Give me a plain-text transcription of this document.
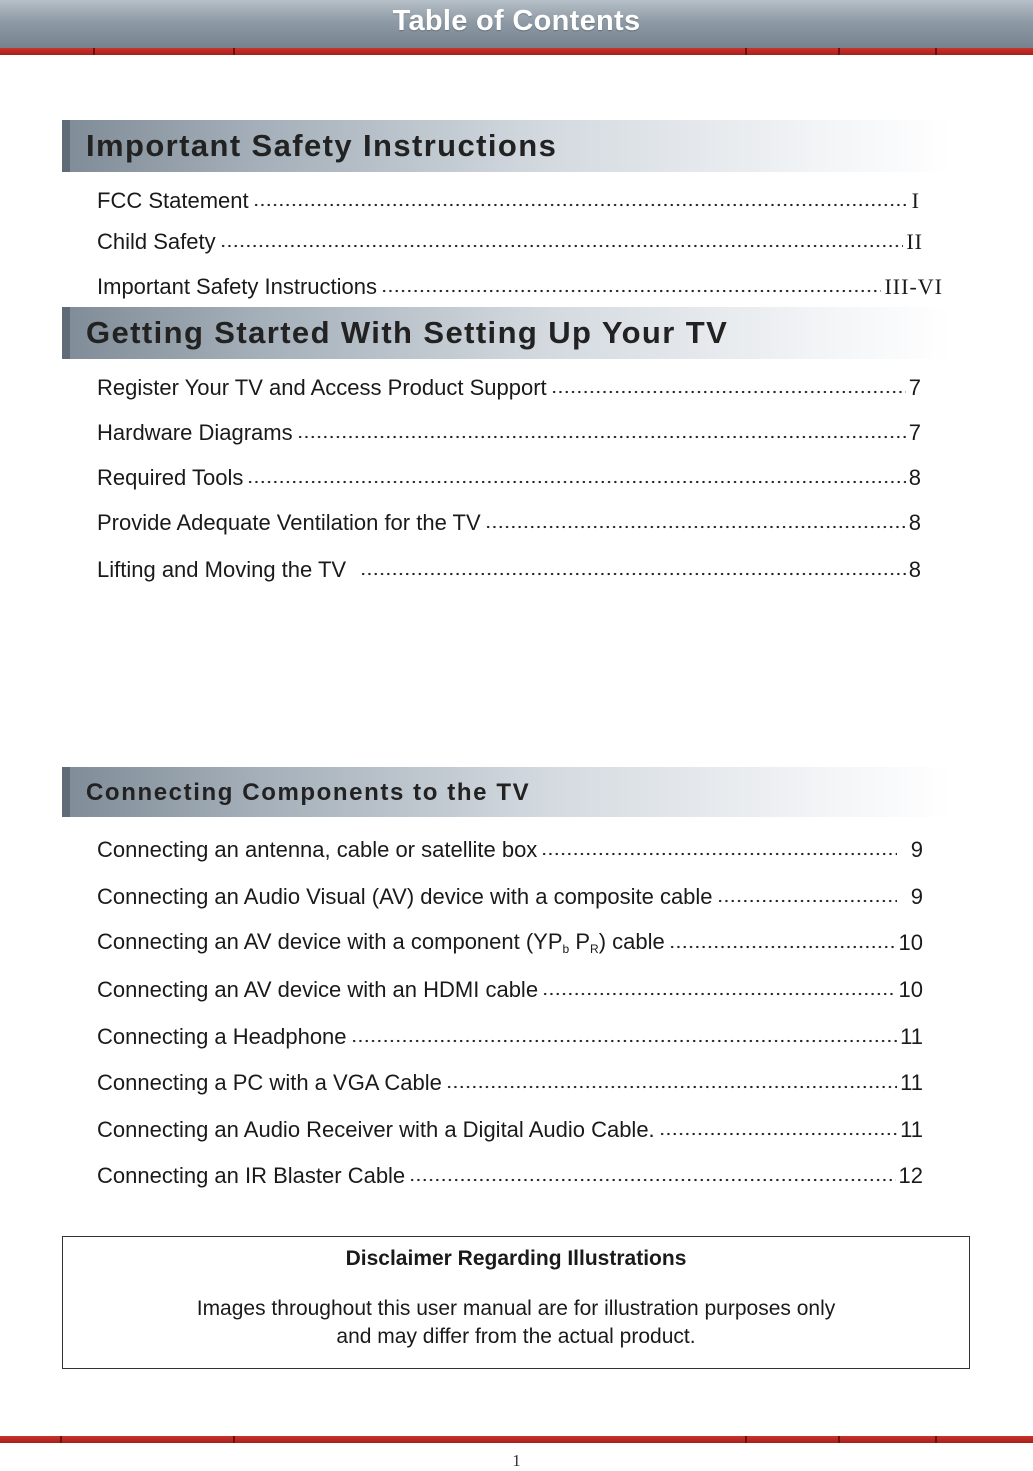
Table of Contents
Important Safety Instructions
FCC Statement	I
Child Safety	II
Important Safety Instructions	III-VI
Getting Started With Setting Up Your TV
Register Your TV and Access Product Support	7
Hardware Diagrams	7
Required Tools	8
Provide Adequate Ventilation for the TV	8
Lifting and Moving the TV	8
Connecting Components to the TV
Connecting an antenna, cable or satellite box	9
Connecting an Audio Visual (AV) device with a composite cable	9
Connecting an AV device with a component ($YP_b$ $P_R$) cable	10
Connecting an AV device with an HDMI cable	10
Connecting a Headphone	11
Connecting a PC with a VGA Cable	11
Connecting an Audio Receiver with a Digital Audio Cable.	11
Connecting an IR Blaster Cable	12
Disclaimer Regarding Illustrations
Images throughout this user manual are for illustration purposes only
and may differ from the actual product.
1
